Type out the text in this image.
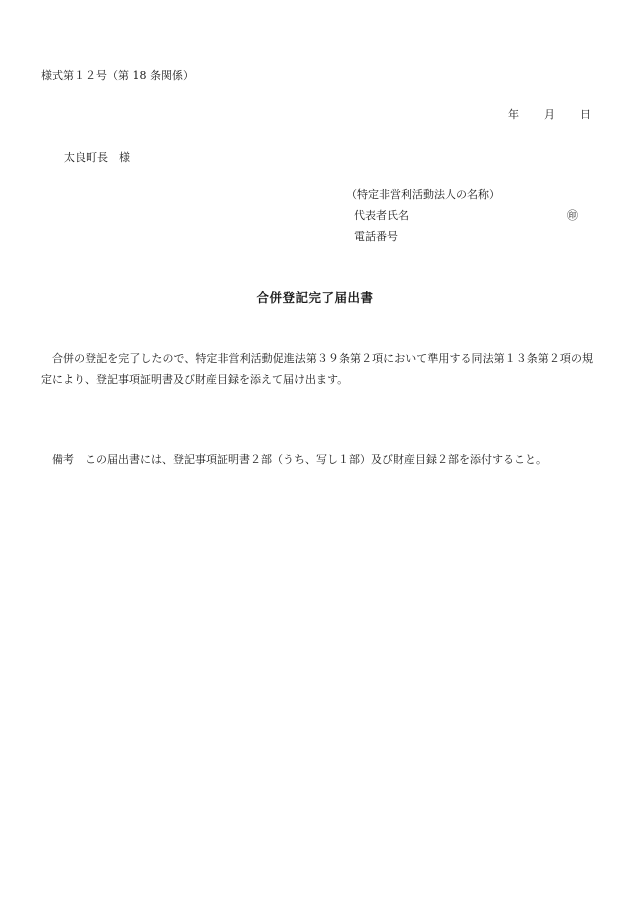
様式第１２号（第 18 条関係）
年 月 日
太良町長　様
（特定非営利活動法人の名称）
代表者氏名	㊞
電話番号
合併登記完了届出書
合併の登記を完了したので、特定非営利活動促進法第３９条第２項において準用する同法第１３条第２項の規定により、登記事項証明書及び財産目録を添えて届け出ます。
備考　この届出書には、登記事項証明書２部（うち、写し１部）及び財産目録２部を添付すること。
